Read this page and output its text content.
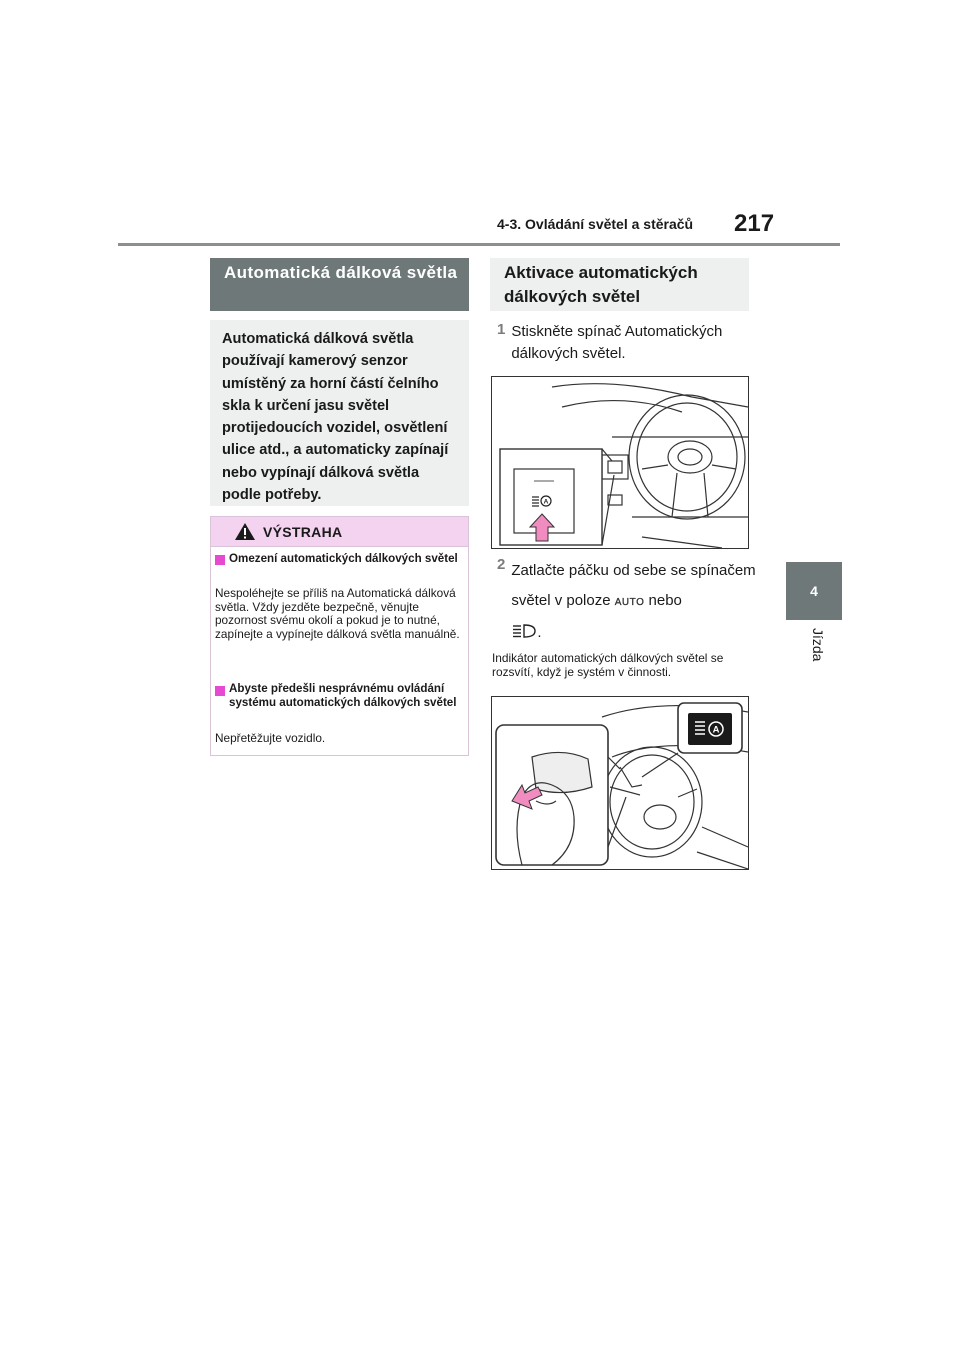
4-3. Ovládání světel a stěračů 217
4
Jízda
Automatická dálková světla
Automatická dálková světla používají kamerový senzor umístěný za horní částí čelního skla k určení jasu světel protijedoucích vozidel, osvětlení ulice atd., a automaticky zapínají nebo vypínají dálková světla podle potřeby.
VÝSTRAHA
Omezení automatických dálkových světel
Nespoléhejte se příliš na Automatická dálková světla. Vždy jezděte bezpečně, věnujte pozornost svému okolí a pokud je to nutné, zapínejte a vypínejte dálková světla manuálně.
Abyste předešli nesprávnému ovládání systému automatických dálkových světel
Nepřetěžujte vozidlo.
Aktivace automatických dálkových světel
1 Stiskněte spínač Automatických dálkových světel.
A
2 Zatlačte páčku od sebe se spínačem světel v poloze AUTO nebo
.
Indikátor automatických dálkových světel se rozsvítí, když je systém v činnosti.
A
